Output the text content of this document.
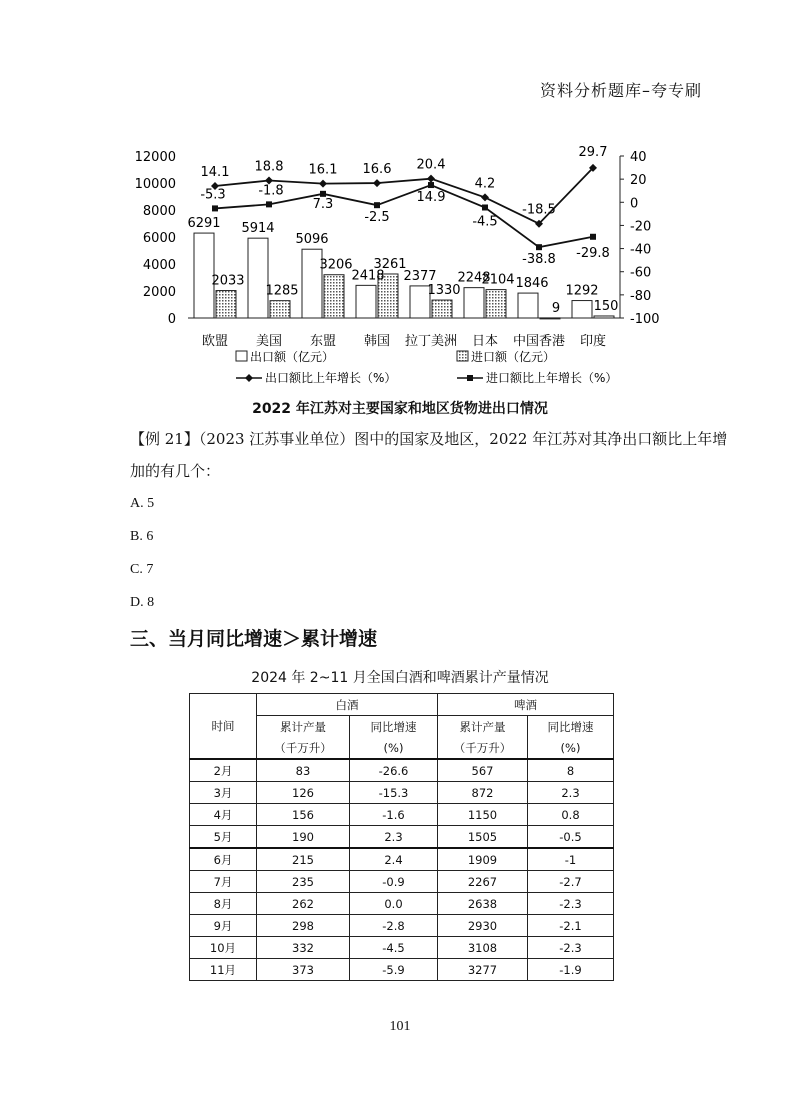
资料分析题库–夸专刷
6291 5914
5096
2418 2377 2248 1846 1292
2033
1285
3206 3261
1330
2104
9	150
14.1 18.8 16.1 16.6 20.4
4.2
-18.5
29.7
-5.3	-1.8
7.3
-2.5
14.9
-4.5
-38.8 -29.8
0
2000
4000
6000
8000
10000
12000
-100
-80
-60
-40
-20
0
20
40
欧盟 美国 东盟 韩国 拉丁美洲 日本 中国香港 印度
出口额（亿元）	进口额（亿元）
出口额比上年增长（%）	进口额比上年增长（%）
2022 年江苏对主要国家和地区货物进出口情况
【例 21】（2023 江苏事业单位）图中的国家及地区，2022 年江苏对其净出口额比上年增
加的有几个：
A. 5
B. 6
C. 7
D. 8
三、当月同比增速＞累计增速
2024 年 2~11 月全国白酒和啤酒累计产量情况
时间	白酒		啤酒	
	累计产量	同比增速	累计产量	同比增速
	（千万升）	(%)	（千万升）	(%)
2月	83	-26.6	567	8
3月	126	-15.3	872	2.3
4月	156	-1.6	1150	0.8
5月	190	2.3	1505	-0.5
6月	215	2.4	1909	-1
7月	235	-0.9	2267	-2.7
8月	262	0.0	2638	-2.3
9月	298	-2.8	2930	-2.1
10月	332	-4.5	3108	-2.3
11月	373	-5.9	3277	-1.9
101
